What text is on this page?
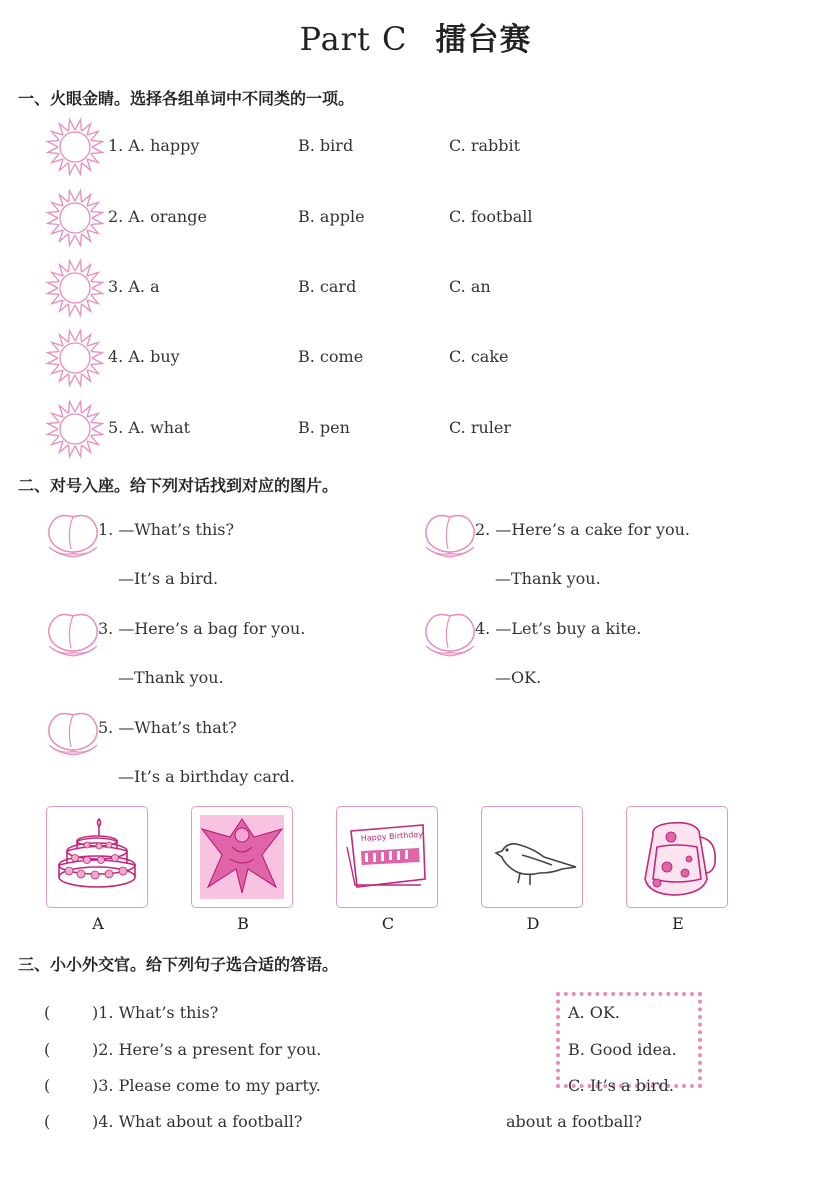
Part C 擂台赛
一、火眼金睛。选择各组单词中不同类的一项。
1. A. happy	B. bird	C. rabbit
2. A. orange	B. apple	C. football
3. A. a	B. card	C. an
4. A. buy	B. come	C. cake
5. A. what	B. pen	C. ruler
二、对号入座。给下列对话找到对应的图片。
1. —What’s this?
—It’s a bird.
2. —Here’s a cake for you.
—Thank you.
3. —Here’s a bag for you.
—Thank you.
4. —Let’s buy a kite.
—OK.
5. —What’s that?
—It’s a birthday card.
Happy Birthday
A	B	C	D	E
三、小小外交官。给下列句子选合适的答语。
(	)1. What’s this?
(	)2. Here’s a present for you.
(	)3. Please come to my party.
(	)4. What about a football?
A. OK.
B. Good idea.
C. It’s a bird.
about a football?
